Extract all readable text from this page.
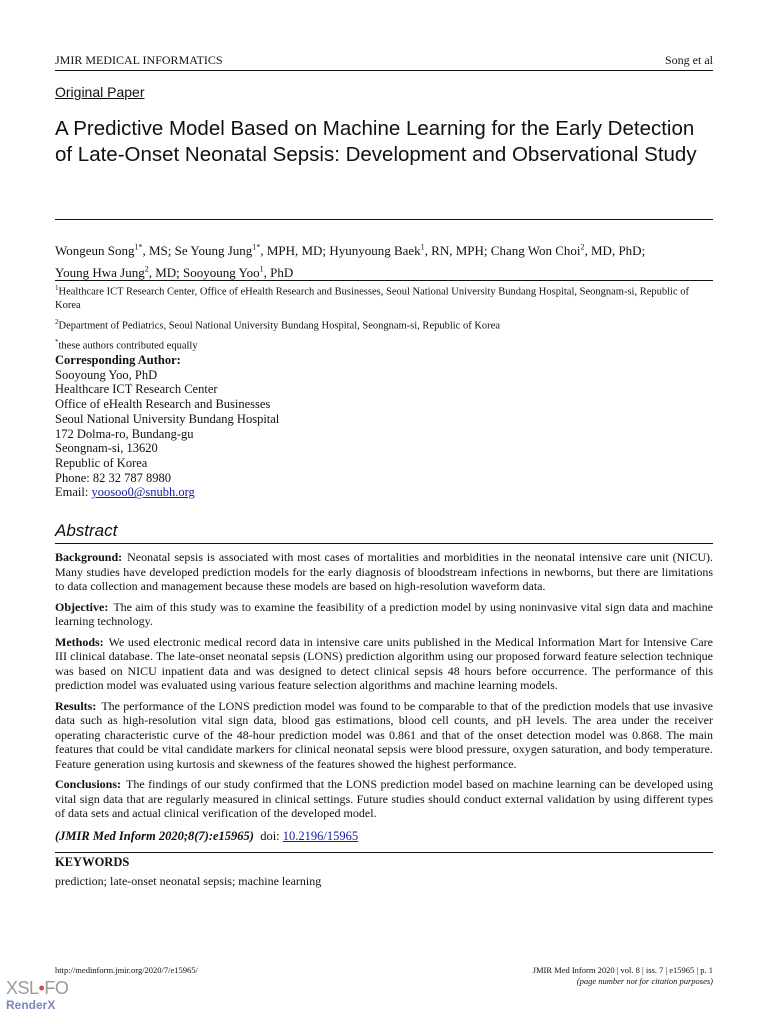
JMIR MEDICAL INFORMATICS	Song et al
Original Paper
A Predictive Model Based on Machine Learning for the Early Detection of Late-Onset Neonatal Sepsis: Development and Observational Study
Wongeun Song$^{1*}$, MS; Se Young Jung$^{1*}$, MPH, MD; Hyunyoung Baek$^1$, RN, MPH; Chang Won Choi$^2$, MD, PhD;
Young Hwa Jung$^2$, MD; Sooyoung Yoo$^1$, PhD

$^1$Healthcare ICT Research Center, Office of eHealth Research and Businesses, Seoul National University Bundang Hospital, Seongnam-si, Republic of Korea

$^2$Department of Pediatrics, Seoul National University Bundang Hospital, Seongnam-si, Republic of Korea

*these authors contributed equally

Corresponding Author:
Sooyoung Yoo, PhD
Healthcare ICT Research Center
Office of eHealth Research and Businesses
Seoul National University Bundang Hospital
172 Dolma-ro, Bundang-gu
Seongnam-si, 13620
Republic of Korea
Phone: 82 32 787 8980
Email: yoosoo0@snubh.org
Abstract

Background: Neonatal sepsis is associated with most cases of mortalities and morbidities in the neonatal intensive care unit (NICU). Many studies have developed prediction models for the early diagnosis of bloodstream infections in newborns, but there are limitations to data collection and management because these models are based on high-resolution waveform data.

Objective: The aim of this study was to examine the feasibility of a prediction model by using noninvasive vital sign data and machine learning technology.

Methods: We used electronic medical record data in intensive care units published in the Medical Information Mart for Intensive Care III clinical database. The late-onset neonatal sepsis (LONS) prediction algorithm using our proposed forward feature selection technique was based on NICU inpatient data and was designed to detect clinical sepsis 48 hours before occurrence. The performance of this prediction model was evaluated using various feature selection algorithms and machine learning models.

Results: The performance of the LONS prediction model was found to be comparable to that of the prediction models that use invasive data such as high-resolution vital sign data, blood gas estimations, blood cell counts, and pH levels. The area under the receiver operating characteristic curve of the 48-hour prediction model was 0.861 and that of the onset detection model was 0.868. The main features that could be vital candidate markers for clinical neonatal sepsis were blood pressure, oxygen saturation, and body temperature. Feature generation using kurtosis and skewness of the features showed the highest performance.

Conclusions: The findings of our study confirmed that the LONS prediction model based on machine learning can be developed using vital sign data that are regularly measured in clinical settings. Future studies should conduct external validation by using different types of data sets and actual clinical verification of the developed model.

(JMIR Med Inform 2020;8(7):e15965) doi: 10.2196/15965
KEYWORDS
prediction; late-onset neonatal sepsis; machine learning
http://medinform.jmir.org/2020/7/e15965/	JMIR Med Inform 2020 | vol. 8 | iss. 7 | e15965 | p. 1
(page number not for citation purposes)
XSL•FO
RenderX
